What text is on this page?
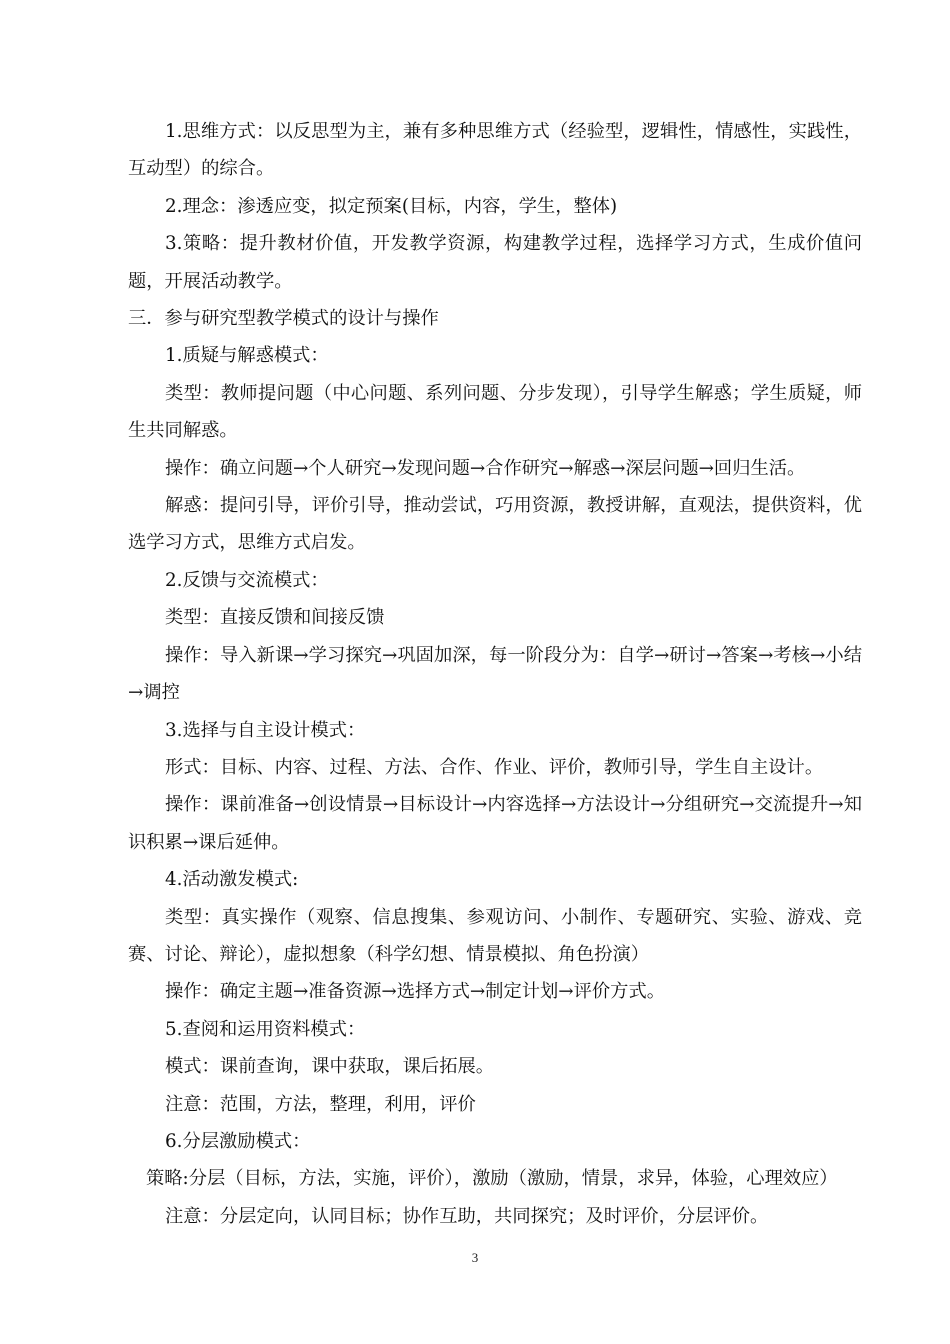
1.思维方式：以反思型为主，兼有多种思维方式（经验型，逻辑性，情感性，实践性，互动型）的综合。

2.理念：渗透应变，拟定预案(目标，内容，学生，整体)

3.策略：提升教材价值，开发教学资源，构建教学过程，选择学习方式，生成价值问题，开展活动教学。

三．参与研究型教学模式的设计与操作

1.质疑与解惑模式：

类型：教师提问题（中心问题、系列问题、分步发现），引导学生解惑；学生质疑，师生共同解惑。

操作：确立问题→个人研究→发现问题→合作研究→解惑→深层问题→回归生活。

解惑：提问引导，评价引导，推动尝试，巧用资源，教授讲解，直观法，提供资料，优选学习方式，思维方式启发。

2.反馈与交流模式：

类型：直接反馈和间接反馈

操作：导入新课→学习探究→巩固加深，每一阶段分为：自学→研讨→答案→考核→小结→调控

3.选择与自主设计模式：

形式：目标、内容、过程、方法、合作、作业、评价，教师引导，学生自主设计。

操作：课前准备→创设情景→目标设计→内容选择→方法设计→分组研究→交流提升→知识积累→课后延伸。

4.活动激发模式:

类型：真实操作（观察、信息搜集、参观访问、小制作、专题研究、实验、游戏、竞赛、讨论、辩论），虚拟想象（科学幻想、情景模拟、角色扮演）

操作：确定主题→准备资源→选择方式→制定计划→评价方式。

5.查阅和运用资料模式：

模式：课前查询，课中获取，课后拓展。

注意：范围，方法，整理，利用，评价

6.分层激励模式：

策略:分层（目标，方法，实施，评价），激励（激励，情景，求异，体验，心理效应）

注意：分层定向，认同目标；协作互助，共同探究；及时评价，分层评价。

3
